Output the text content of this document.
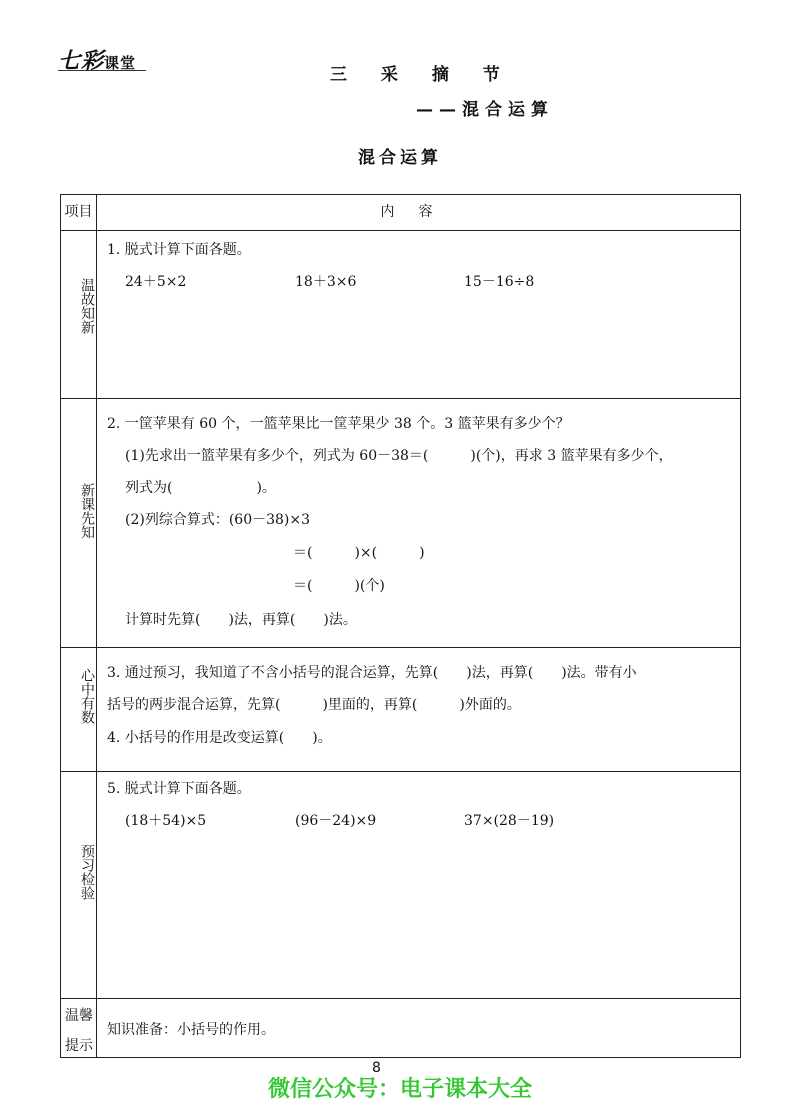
七彩课堂
三 采 摘 节
——混合运算
混合运算
项目	内容
温故知新
1. 脱式计算下面各题。
24＋5×2	18＋3×6	15－16÷8
新课先知
2. 一筐苹果有 60 个，一篮苹果比一筐苹果少 38 个。3 篮苹果有多少个？
(1)先求出一篮苹果有多少个，列式为 60－38＝(　　　)(个)，再求 3 篮苹果有多少个，
列式为(　　　　　　)。
(2)列综合算式：(60－38)×3
＝(　　　)×(　　　)
＝(　　　)(个)
计算时先算(　　)法，再算(　　)法。
心中有数 3. 通过预习，我知道了不含小括号的混合运算，先算(　　)法，再算(　　)法。带有小
括号的两步混合运算，先算(　　　)里面的，再算(　　　)外面的。
4. 小括号的作用是改变运算(　　)。
预习检验
5. 脱式计算下面各题。
(18＋54)×5	(96－24)×9	37×(28－19)
温馨
提示
知识准备：小括号的作用。
8
微信公众号：电子课本大全
